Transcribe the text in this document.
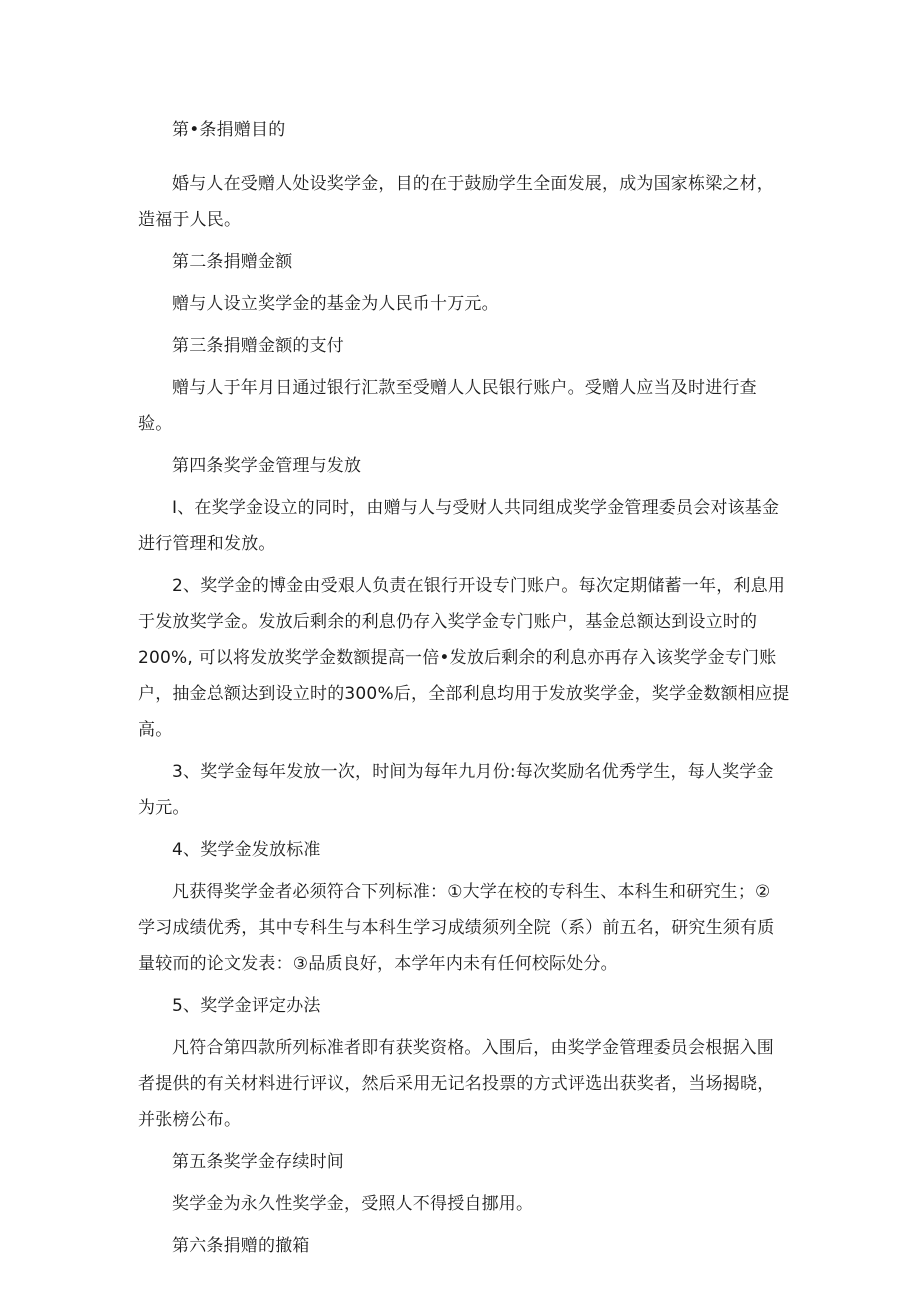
第•条捐赠目的
婚与人在受赠人处设奖学金，目的在于鼓励学生全面发展，成为国家栋梁之材，
造福于人民。
第二条捐赠金额
赠与人设立奖学金的基金为人民币十万元。
第三条捐赠金额的支付
赠与人于年月日通过银行汇款至受赠人人民银行账户。受赠人应当及时进行查
验。
第四条奖学金管理与发放
I、在奖学金设立的同时，由赠与人与受财人共同组成奖学金管理委员会对该基金
进行管理和发放。
2、奖学金的博金由受艰人负责在银行开设专门账户。每次定期储蓄一年，利息用
于发放奖学金。发放后剩余的利息仍存入奖学金专门账户，基金总额达到设立时的
200%, 可以将发放奖学金数额提高一倍•发放后剩余的利息亦再存入该奖学金专门账
户，抽金总额达到设立时的300%后，全部利息均用于发放奖学金，奖学金数额相应提
高。
3、奖学金每年发放一次，时间为每年九月份:每次奖励名优秀学生，每人奖学金
为元。
4、奖学金发放标准
凡获得奖学金者必须符合下列标准：①大学在校的专科生、本科生和研究生；②
学习成绩优秀，其中专科生与本科生学习成绩须列全院（系）前五名，研究生须有质
量较而的论文发表：③品质良好，本学年内未有任何校际处分。
5、奖学金评定办法
凡符合第四款所列标准者即有获奖资格。入围后，由奖学金管理委员会根据入围
者提供的有关材料进行评议，然后采用无记名投票的方式评选出获奖者，当场揭晓，
并张榜公布。
第五条奖学金存续时间
奖学金为永久性奖学金，受照人不得授自挪用。
第六条捐赠的撤箱
